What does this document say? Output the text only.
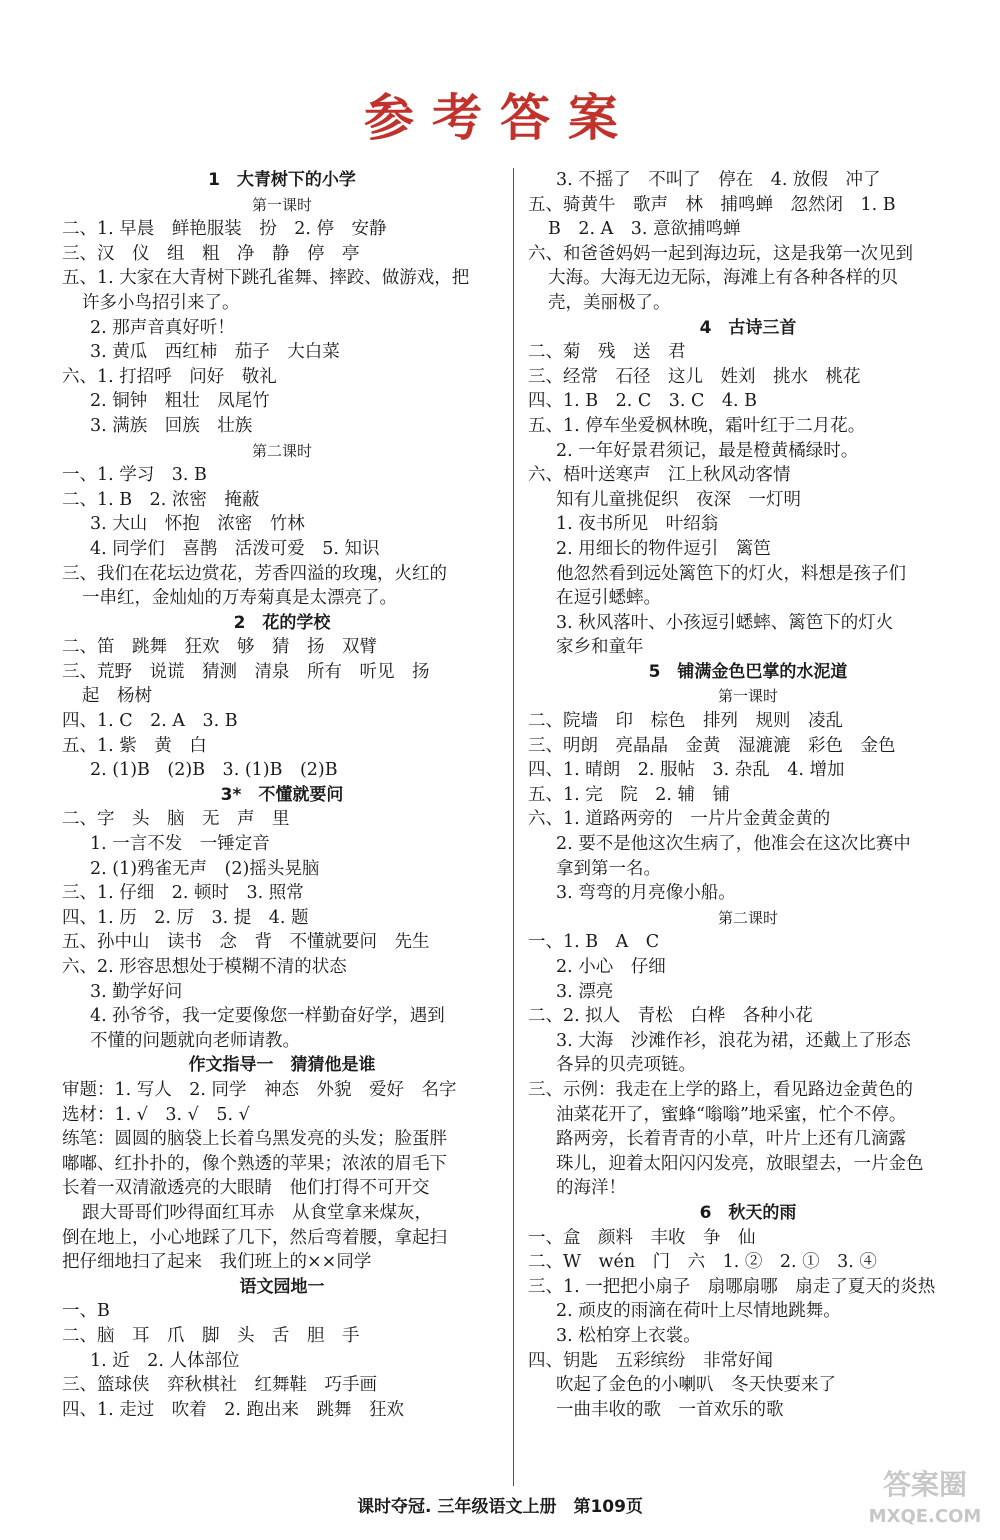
参考答案
1　大青树下的小学
第一课时
二、1. 早晨　鲜艳服装　扮　2. 停　安静
三、汉　仪　组　粗　净　静　停　亭
五、1. 大家在大青树下跳孔雀舞、摔跤、做游戏，把
许多小鸟招引来了。
2. 那声音真好听！
3. 黄瓜　西红柿　茄子　大白菜
六、1. 打招呼　问好　敬礼
2. 铜钟　粗壮　凤尾竹
3. 满族　回族　壮族
第二课时
一、1. 学习　3. B
二、1. B　2. 浓密　掩蔽
3. 大山　怀抱　浓密　竹林
4. 同学们　喜鹊　活泼可爱　5. 知识
三、我们在花坛边赏花，芳香四溢的玫瑰，火红的
一串红，金灿灿的万寿菊真是太漂亮了。
2　花的学校
二、笛　跳舞　狂欢　够　猜　扬　双臂
三、荒野　说谎　猜测　清泉　所有　听见　扬
起　杨树
四、1. C　2. A　3. B
五、1. 紫　黄　白
2. (1)B　(2)B　3. (1)B　(2)B
3*　不懂就要问
二、字　头　脑　无　声　里
1. 一言不发　一锤定音
2. (1)鸦雀无声　(2)摇头晃脑
三、1. 仔细　2. 顿时　3. 照常
四、1. 历　2. 厉　3. 提　4. 题
五、孙中山　读书　念　背　不懂就要问　先生
六、2. 形容思想处于模糊不清的状态
3. 勤学好问
4. 孙爷爷，我一定要像您一样勤奋好学，遇到
不懂的问题就向老师请教。
作文指导一　猜猜他是谁
审题：1. 写人　2. 同学　神态　外貌　爱好　名字
选材：1. √　3. √　5. √
练笔：圆圆的脑袋上长着乌黑发亮的头发；脸蛋胖
嘟嘟、红扑扑的，像个熟透的苹果；浓浓的眉毛下
长着一双清澈透亮的大眼睛　他们打得不可开交
跟大哥哥们吵得面红耳赤　从食堂拿来煤灰，
倒在地上，小心地踩了几下，然后弯着腰，拿起扫
把仔细地扫了起来　我们班上的××同学
语文园地一
一、B
二、脑　耳　爪　脚　头　舌　胆　手
1. 近　2. 人体部位
三、篮球侠　弈秋棋社　红舞鞋　巧手画
四、1. 走过　吹着　2. 跑出来　跳舞　狂欢
3. 不摇了　不叫了　停在　4. 放假　冲了
五、骑黄牛　歌声　林　捕鸣蝉　忽然闭　1. B
B　2. A　3. 意欲捕鸣蝉
六、和爸爸妈妈一起到海边玩，这是我第一次见到
大海。大海无边无际，海滩上有各种各样的贝
壳，美丽极了。
4　古诗三首
二、菊　残　送　君
三、经常　石径　这儿　姓刘　挑水　桃花
四、1. B　2. C　3. C　4. B
五、1. 停车坐爱枫林晚，霜叶红于二月花。
2. 一年好景君须记，最是橙黄橘绿时。
六、梧叶送寒声　江上秋风动客情
知有儿童挑促织　夜深　一灯明
1. 夜书所见　叶绍翁
2. 用细长的物件逗引　篱笆
他忽然看到远处篱笆下的灯火，料想是孩子们
在逗引蟋蟀。
3. 秋风落叶、小孩逗引蟋蟀、篱笆下的灯火
家乡和童年
5　铺满金色巴掌的水泥道
第一课时
二、院墙　印　棕色　排列　规则　凌乱
三、明朗　亮晶晶　金黄　湿漉漉　彩色　金色
四、1. 晴朗　2. 服帖　3. 杂乱　4. 增加
五、1. 完　院　2. 辅　铺
六、1. 道路两旁的　一片片金黄金黄的
2. 要不是他这次生病了，他准会在这次比赛中
拿到第一名。
3. 弯弯的月亮像小船。
第二课时
一、1. B　A　C
2. 小心　仔细
3. 漂亮
二、2. 拟人　青松　白桦　各种小花
3. 大海　沙滩作衫，浪花为裙，还戴上了形态
各异的贝壳项链。
三、示例：我走在上学的路上，看见路边金黄色的
油菜花开了，蜜蜂“嗡嗡”地采蜜，忙个不停。
路两旁，长着青青的小草，叶片上还有几滴露
珠儿，迎着太阳闪闪发亮，放眼望去，一片金色
的海洋！
6　秋天的雨
一、盒　颜料　丰收　争　仙
二、W　wén　门　六　1. ②　2. ①　3. ④
三、1. 一把把小扇子　扇哪扇哪　扇走了夏天的炎热
2. 顽皮的雨滴在荷叶上尽情地跳舞。
3. 松柏穿上衣裳。
四、钥匙　五彩缤纷　非常好闻
吹起了金色的小喇叭　冬天快要来了
一曲丰收的歌　一首欢乐的歌
课时夺冠. 三年级语文上册　第109页
答案圈
MXQE.COM
